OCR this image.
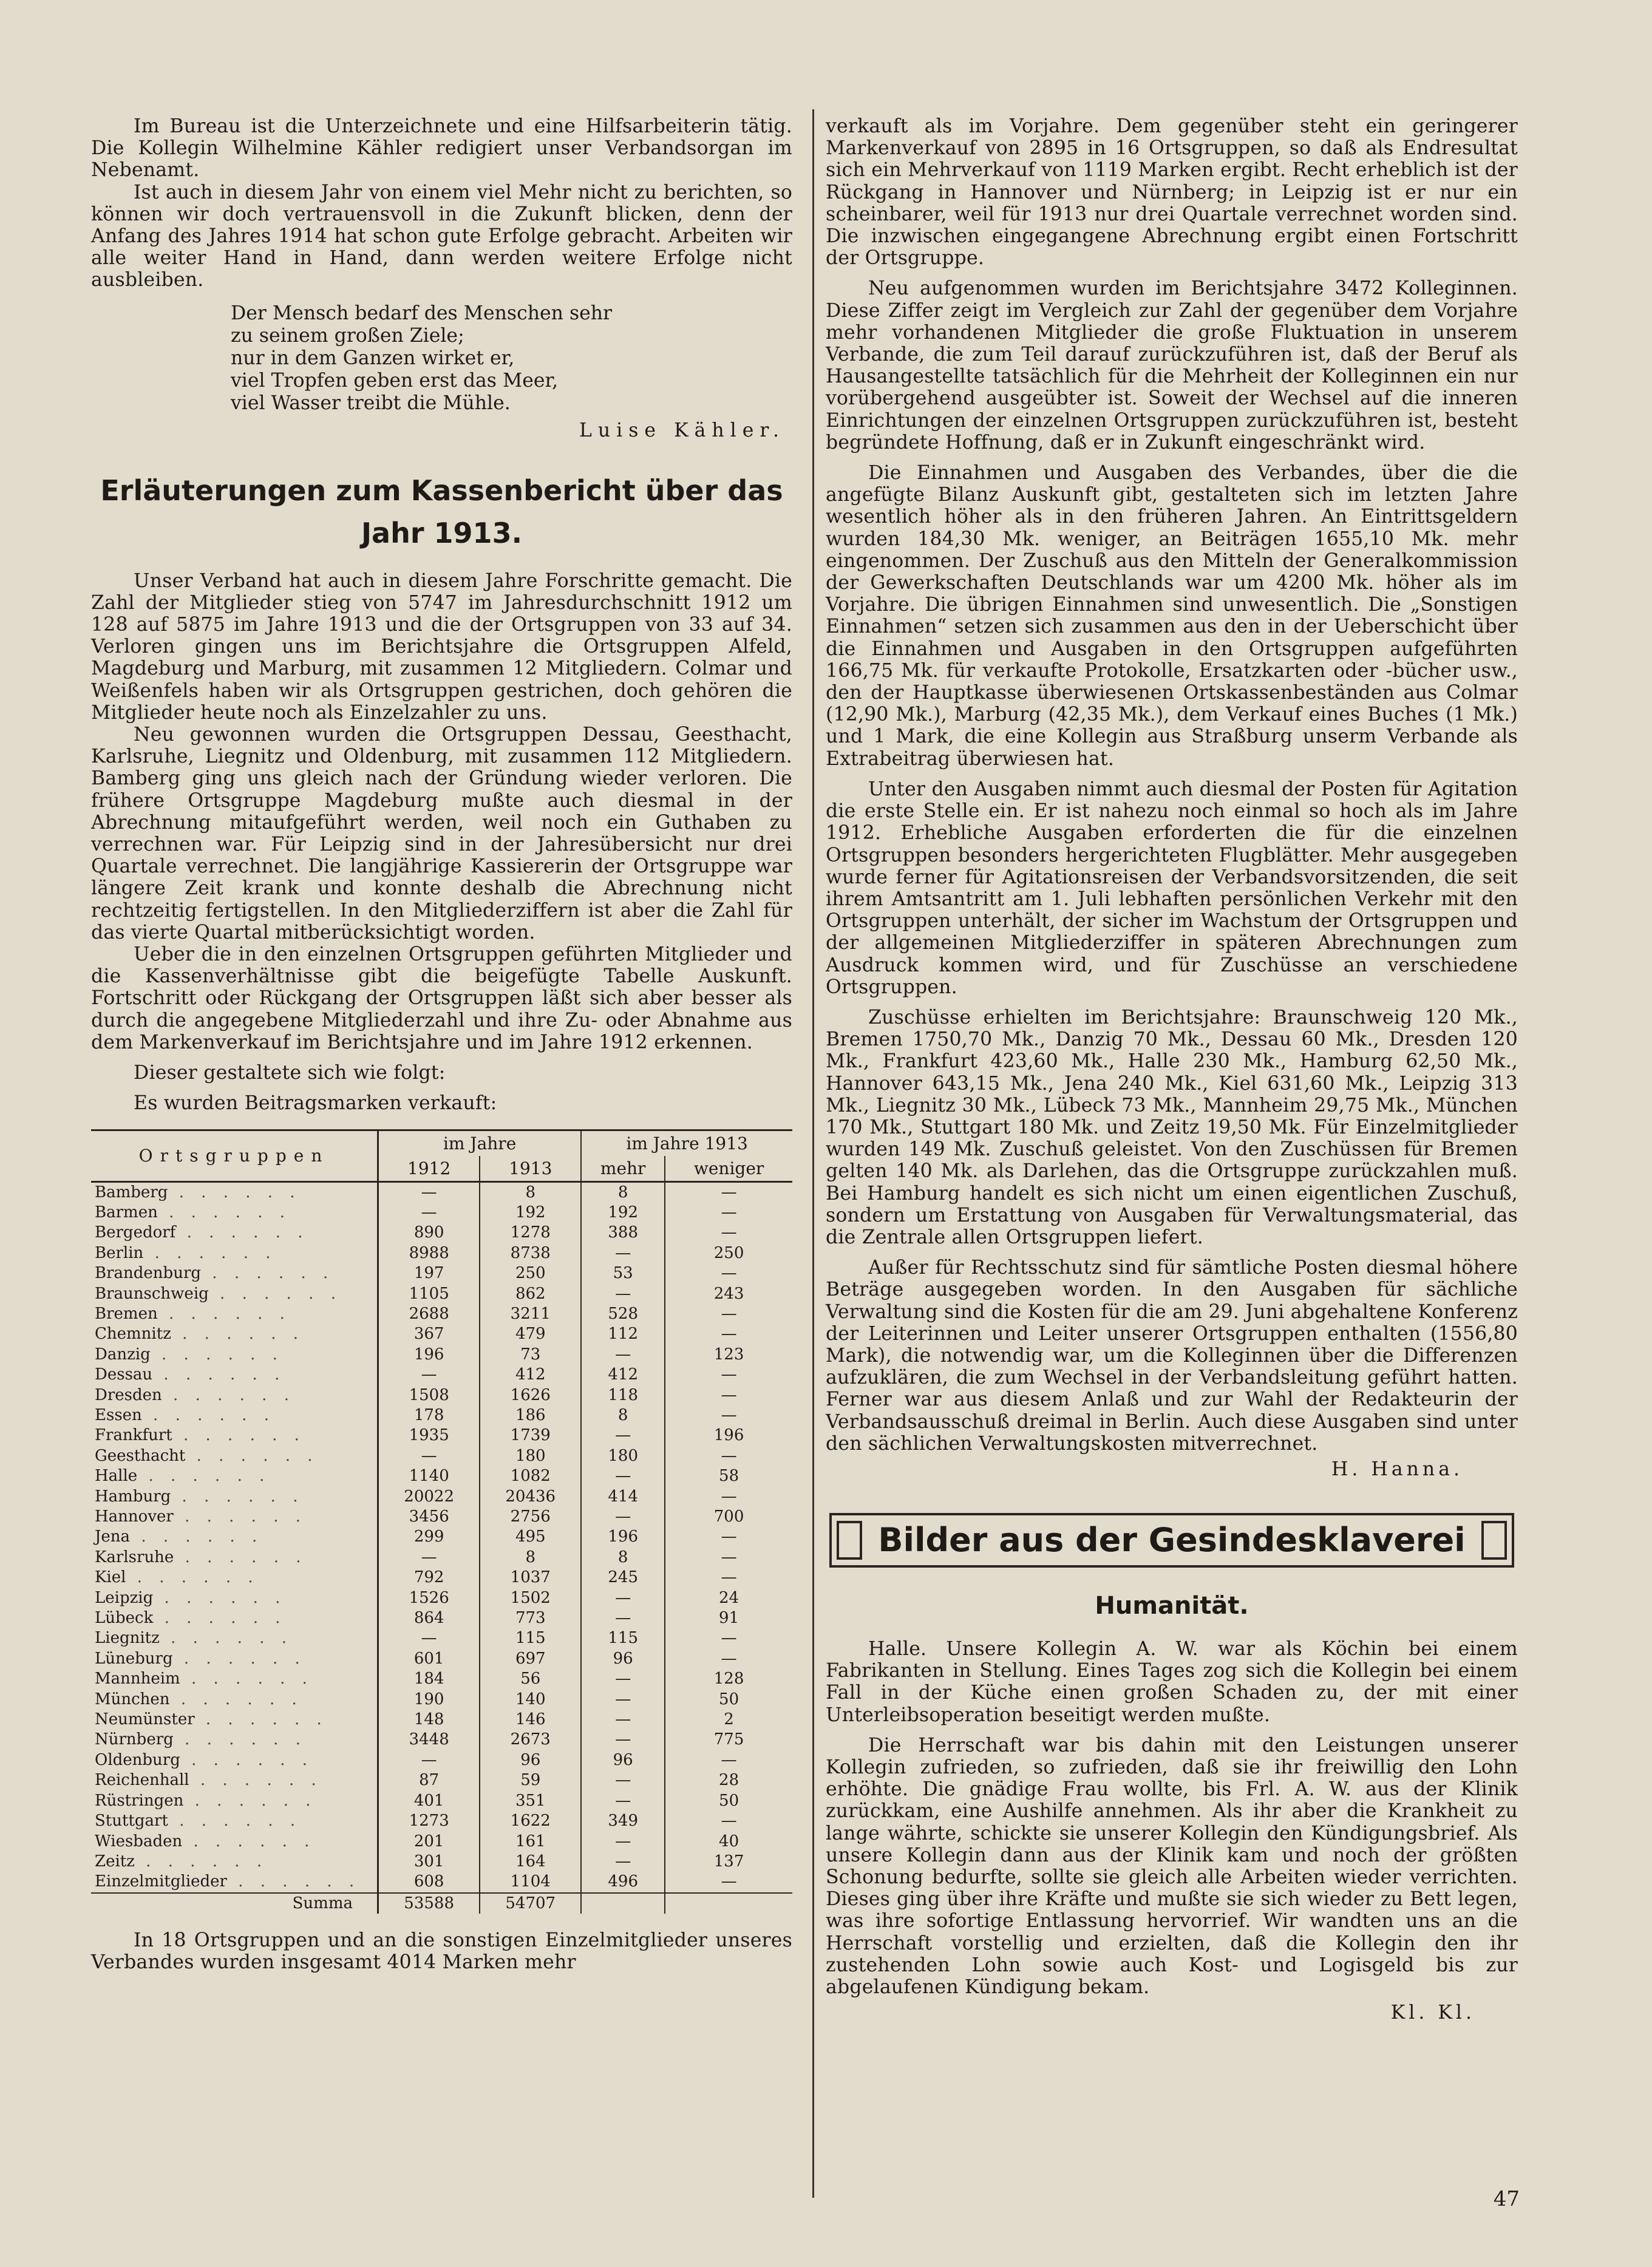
Im Bureau ist die Unterzeichnete und eine Hilfsarbeiterin tätig. Die Kollegin Wilhelmine Kähler redigiert unser Verbandsorgan im Nebenamt.

Ist auch in diesem Jahr von einem viel Mehr nicht zu berichten, so können wir doch vertrauensvoll in die Zukunft blicken, denn der Anfang des Jahres 1914 hat schon gute Erfolge gebracht. Arbeiten wir alle weiter Hand in Hand, dann werden weitere Erfolge nicht ausbleiben.

Der Mensch bedarf des Menschen sehr
zu seinem großen Ziele;
nur in dem Ganzen wirket er,
viel Tropfen geben erst das Meer,
viel Wasser treibt die Mühle.
Luise Kähler.
Erläuterungen zum Kassenbericht über das Jahr 1913.

Unser Verband hat auch in diesem Jahre Forschritte gemacht. Die Zahl der Mitglieder stieg von 5747 im Jahresdurchschnitt 1912 um 128 auf 5875 im Jahre 1913 und die der Ortsgruppen von 33 auf 34. Verloren gingen uns im Berichtsjahre die Ortsgruppen Alfeld, Magdeburg und Marburg, mit zusammen 12 Mitgliedern. Colmar und Weißenfels haben wir als Ortsgruppen gestrichen, doch gehören die Mitglieder heute noch als Einzelzahler zu uns.

Neu gewonnen wurden die Ortsgruppen Dessau, Geesthacht, Karlsruhe, Liegnitz und Oldenburg, mit zusammen 112 Mitgliedern. Bamberg ging uns gleich nach der Gründung wieder verloren. Die frühere Ortsgruppe Magdeburg mußte auch diesmal in der Abrechnung mitaufgeführt werden, weil noch ein Guthaben zu verrechnen war. Für Leipzig sind in der Jahresübersicht nur drei Quartale verrechnet. Die langjährige Kassiererin der Ortsgruppe war längere Zeit krank und konnte deshalb die Abrechnung nicht rechtzeitig fertigstellen. In den Mitgliederziffern ist aber die Zahl für das vierte Quartal mitberücksichtigt worden.

Ueber die in den einzelnen Ortsgruppen geführten Mitglieder und die Kassenverhältnisse gibt die beigefügte Tabelle Auskunft. Fortschritt oder Rückgang der Ortsgruppen läßt sich aber besser als durch die angegebene Mitgliederzahl und ihre Zu- oder Abnahme aus dem Markenverkauf im Berichtsjahre und im Jahre 1912 erkennen.

Dieser gestaltete sich wie folgt:

Es wurden Beitragsmarken verkauft:

Ortsgruppen	im Jahre		im Jahre 1913	
	1912	1913	mehr	weniger
Bamberg . . . . . .	—	8	8	—
Barmen . . . . . .	—	192	192	—
Bergedorf . . . . . .	890	1278	388	—
Berlin . . . . . .	8988	8738	—	250
Brandenburg . . . . . .	197	250	53	—
Braunschweig . . . . . .	1105	862	—	243
Bremen . . . . . .	2688	3211	528	—
Chemnitz . . . . . .	367	479	112	—
Danzig . . . . . .	196	73	—	123
Dessau . . . . . .	—	412	412	—
Dresden . . . . . .	1508	1626	118	—
Essen . . . . . .	178	186	8	—
Frankfurt . . . . . .	1935	1739	—	196
Geesthacht . . . . . .	—	180	180	—
Halle . . . . . .	1140	1082	—	58
Hamburg . . . . . .	20022	20436	414	—
Hannover . . . . . .	3456	2756	—	700
Jena . . . . . .	299	495	196	—
Karlsruhe . . . . . .	—	8	8	—
Kiel . . . . . .	792	1037	245	—
Leipzig . . . . . .	1526	1502	—	24
Lübeck . . . . . .	864	773	—	91
Liegnitz . . . . . .	—	115	115	—
Lüneburg . . . . . .	601	697	96	—
Mannheim . . . . . .	184	56	—	128
München . . . . . .	190	140	—	50
Neumünster . . . . . .	148	146	—	2
Nürnberg . . . . . .	3448	2673	—	775
Oldenburg . . . . . .	—	96	96	—
Reichenhall . . . . . .	87	59	—	28
Rüstringen . . . . . .	401	351	—	50
Stuttgart . . . . . .	1273	1622	349	—
Wiesbaden . . . . . .	201	161	—	40
Zeitz . . . . . .	301	164	—	137
Einzelmitglieder . . . . . .	608	1104	496	—
Summa	53588	54707		

In 18 Ortsgruppen und an die sonstigen Einzelmitglieder unseres Verbandes wurden insgesamt 4014 Marken mehr

verkauft als im Vorjahre. Dem gegenüber steht ein geringerer Markenverkauf von 2895 in 16 Ortsgruppen, so daß als Endresultat sich ein Mehrverkauf von 1119 Marken ergibt. Recht erheblich ist der Rückgang in Hannover und Nürnberg; in Leipzig ist er nur ein scheinbarer, weil für 1913 nur drei Quartale verrechnet worden sind. Die inzwischen eingegangene Abrechnung ergibt einen Fortschritt der Ortsgruppe.

Neu aufgenommen wurden im Berichtsjahre 3472 Kolleginnen. Diese Ziffer zeigt im Vergleich zur Zahl der gegenüber dem Vorjahre mehr vorhandenen Mitglieder die große Fluktuation in unserem Verbande, die zum Teil darauf zurückzuführen ist, daß der Beruf als Hausangestellte tatsächlich für die Mehrheit der Kolleginnen ein nur vorübergehend ausgeübter ist. Soweit der Wechsel auf die inneren Einrichtungen der einzelnen Ortsgruppen zurückzuführen ist, besteht begründete Hoffnung, daß er in Zukunft eingeschränkt wird.

Die Einnahmen und Ausgaben des Verbandes, über die die angefügte Bilanz Auskunft gibt, gestalteten sich im letzten Jahre wesentlich höher als in den früheren Jahren. An Eintrittsgeldern wurden 184,30 Mk. weniger, an Beiträgen 1655,10 Mk. mehr eingenommen. Der Zuschuß aus den Mitteln der Generalkommission der Gewerkschaften Deutschlands war um 4200 Mk. höher als im Vorjahre. Die übrigen Einnahmen sind unwesentlich. Die „Sonstigen Einnahmen“ setzen sich zusammen aus den in der Ueberschicht über die Einnahmen und Ausgaben in den Ortsgruppen aufgeführten 166,75 Mk. für verkaufte Protokolle, Ersatzkarten oder -bücher usw., den der Hauptkasse überwiesenen Ortskassenbeständen aus Colmar (12,90 Mk.), Marburg (42,35 Mk.), dem Verkauf eines Buches (1 Mk.) und 1 Mark, die eine Kollegin aus Straßburg unserm Verbande als Extrabeitrag überwiesen hat.

Unter den Ausgaben nimmt auch diesmal der Posten für Agitation die erste Stelle ein. Er ist nahezu noch einmal so hoch als im Jahre 1912. Erhebliche Ausgaben erforderten die für die einzelnen Ortsgruppen besonders hergerichteten Flugblätter. Mehr ausgegeben wurde ferner für Agitationsreisen der Verbandsvorsitzenden, die seit ihrem Amtsantritt am 1. Juli lebhaften persönlichen Verkehr mit den Ortsgruppen unterhält, der sicher im Wachstum der Ortsgruppen und der allgemeinen Mitgliederziffer in späteren Abrechnungen zum Ausdruck kommen wird, und für Zuschüsse an verschiedene Ortsgruppen.

Zuschüsse erhielten im Berichtsjahre: Braunschweig 120 Mk., Bremen 1750,70 Mk., Danzig 70 Mk., Dessau 60 Mk., Dresden 120 Mk., Frankfurt 423,60 Mk., Halle 230 Mk., Hamburg 62,50 Mk., Hannover 643,15 Mk., Jena 240 Mk., Kiel 631,60 Mk., Leipzig 313 Mk., Liegnitz 30 Mk., Lübeck 73 Mk., Mannheim 29,75 Mk., München 170 Mk., Stuttgart 180 Mk. und Zeitz 19,50 Mk. Für Einzelmitglieder wurden 149 Mk. Zuschuß geleistet. Von den Zuschüssen für Bremen gelten 140 Mk. als Darlehen, das die Ortsgruppe zurückzahlen muß. Bei Hamburg handelt es sich nicht um einen eigentlichen Zuschuß, sondern um Erstattung von Ausgaben für Verwaltungsmaterial, das die Zentrale allen Ortsgruppen liefert.

Außer für Rechtsschutz sind für sämtliche Posten diesmal höhere Beträge ausgegeben worden. In den Ausgaben für sächliche Verwaltung sind die Kosten für die am 29. Juni abgehaltene Konferenz der Leiterinnen und Leiter unserer Ortsgruppen enthalten (1556,80 Mark), die notwendig war, um die Kolleginnen über die Differenzen aufzuklären, die zum Wechsel in der Verbandsleitung geführt hatten. Ferner war aus diesem Anlaß und zur Wahl der Redakteurin der Verbandsausschuß dreimal in Berlin. Auch diese Ausgaben sind unter den sächlichen Verwaltungskosten mitverrechnet.

H. Hanna.
Bilder aus der Gesindesklaverei
Humanität.

Halle. Unsere Kollegin A. W. war als Köchin bei einem Fabrikanten in Stellung. Eines Tages zog sich die Kollegin bei einem Fall in der Küche einen großen Schaden zu, der mit einer Unterleibsoperation beseitigt werden mußte.

Die Herrschaft war bis dahin mit den Leistungen unserer Kollegin zufrieden, so zufrieden, daß sie ihr freiwillig den Lohn erhöhte. Die gnädige Frau wollte, bis Frl. A. W. aus der Klinik zurückkam, eine Aushilfe annehmen. Als ihr aber die Krankheit zu lange währte, schickte sie unserer Kollegin den Kündigungsbrief. Als unsere Kollegin dann aus der Klinik kam und noch der größten Schonung bedurfte, sollte sie gleich alle Arbeiten wieder verrichten. Dieses ging über ihre Kräfte und mußte sie sich wieder zu Bett legen, was ihre sofortige Entlassung hervorrief. Wir wandten uns an die Herrschaft vorstellig und erzielten, daß die Kollegin den ihr zustehenden Lohn sowie auch Kost- und Logisgeld bis zur abgelaufenen Kündigung bekam.

Kl. Kl.
47
